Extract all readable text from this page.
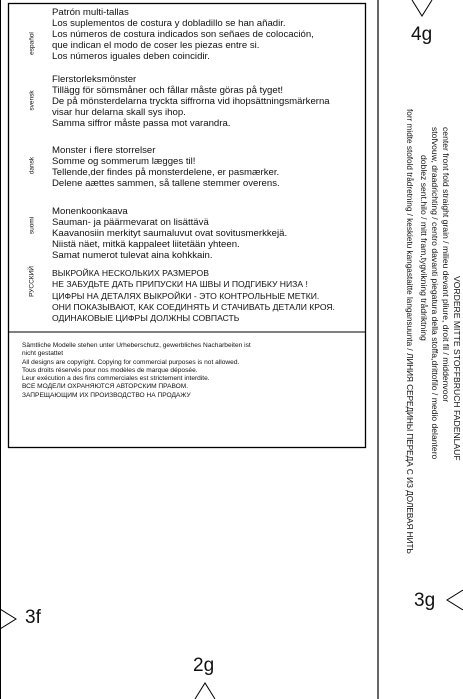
español
Patrón multi-tallas
Los suplementos de costura y dobladillo se han añadir.
Los números de costura indicados son señaes de colocación,
que indican el modo de coser les piezas entre si.
Los números iguales deben coincidir.
svensk
Flerstorleksmönster
Tillägg för sömsmåner och fållar måste göras på tyget!
De på mönsterdelarna tryckta siffrorna vid ihopsättningsmärkerna
visar hur delarna skall sys ihop.
Samma siffror måste passa mot varandra.
dansk
Monster i flere storrelser
Somme og sommerum lægges til!
Tellende,der findes på monsterdelene, er pasmærker.
Delene aættes sammen, så tallene stemmer overens.
suomi
Monenkoonkaava
Sauman- ja päärmevarat on lisättävä
Kaavanosiin merkityt saumaluvut ovat sovitusmerkkejä.
Niistä näet, mitkä kappaleet liitetään yhteen.
Samat numerot tulevat aina kohkkain.
РУССКИЙ ВЫКРОЙКА НЕСКОЛЬКИХ РАЗМЕРОВ
НЕ ЗАБУДЬТЕ ДАТЬ ПРИПУСКИ НА ШВЫ И ПОДГИБКУ НИЗА !
ЦИФРЫ НА ДЕТАЛЯХ ВЫКРОЙКИ - ЭТО КОНТРОЛЬНЫЕ МЕТКИ.
ОНИ ПОКАЗЫВАЮТ, КАК СОЕДИНЯТЬ И СТАЧИВАТЬ ДЕТАЛИ КРОЯ.
ОДИНАКОВЫЕ ЦИФРЫ ДОЛЖНЫ СОВПАСТЬ
Sämtliche Modelle stehen unter Urheberschutz, gewerbliches Nacharbeiten ist
nicht gestattet
All designs are copyright. Copying for commercial purposes is not allowed.
Tous droits réservés pour nos modèles de marque déposée.
Leur exécution a des fins commerciales est strictement interdite.
ВСЕ МОДЕЛИ ОХРАНЯЮТСЯ АВТОРСКИМ ПРАВОМ.
ЗАПРЕЩАЮЩИМ ИХ ПРОИЗВОДСТВО НА ПРОДАЖУ	VORDERE MITTE STOFFBRUCH FADENLAUF
center front fold straight grain / milieu devant pliure, droit fil / middenvoor
stofvouw, draadrichting / centro davanti piegatura della stoffa,drittofilo / medio delantero
doblez sent.hilo / mitt fram,tygvikning trådriktning
forr midte stofold trådretning / keskietu kangastaitte langansuunta / ЛИНИЯ СЕРЕДИНЫ ПЕРЕДА С ИЗ ДОЛЕВАЯ НИТЬ
4g
3f
3g
2g
